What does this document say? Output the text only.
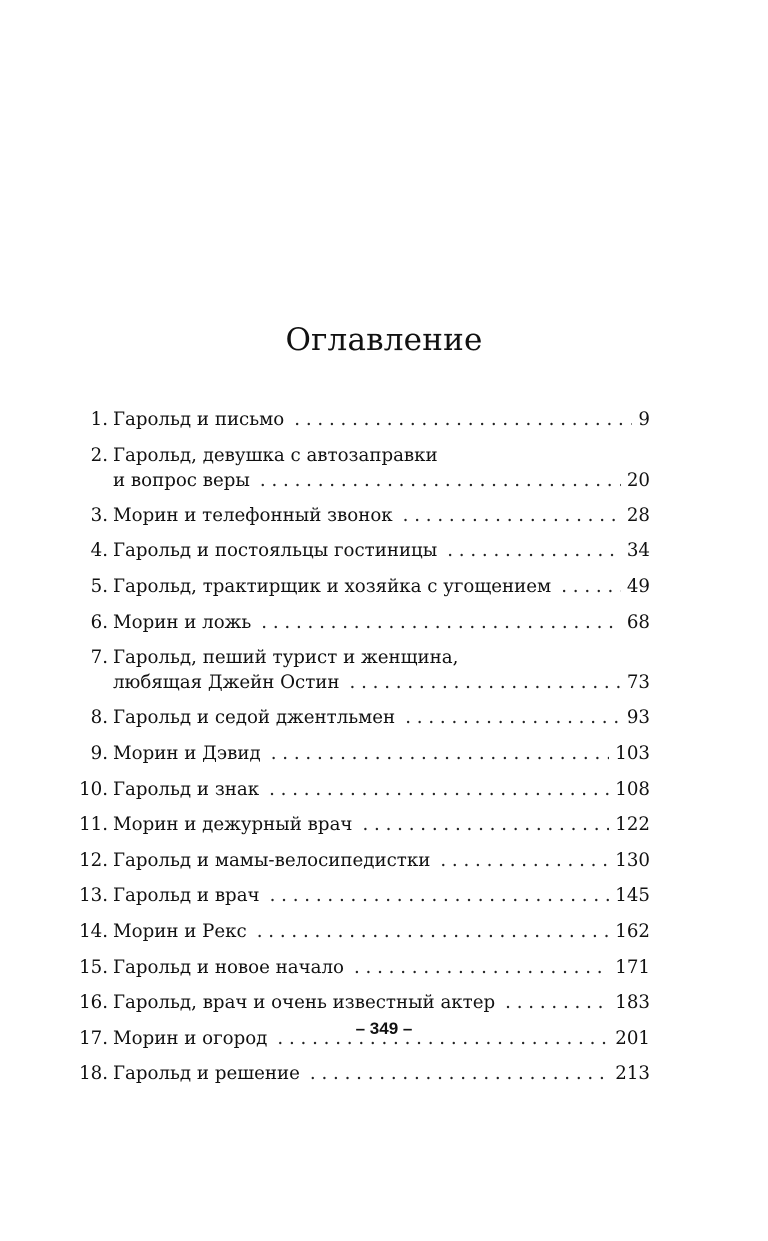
Оглавление
1. Гарольд и письмо . . .	9
2. Гарольд, девушка с автозаправки
и вопрос веры . . .	20
3. Морин и телефонный звонок . . .	28
4. Гарольд и постояльцы гостиницы . . .	34
5. Гарольд, трактирщик и хозяйка с угощением . . .	49
6. Морин и ложь . . .	68
7. Гарольд, пеший турист и женщина,
любящая Джейн Остин . . .	73
8. Гарольд и седой джентльмен . . .	93
9. Морин и Дэвид . . .	103
10. Гарольд и знак . . .	108
11. Морин и дежурный врач . . .	122
12. Гарольд и мамы-велосипедистки . . .	130
13. Гарольд и врач . . .	145
14. Морин и Рекс . . .	162
15. Гарольд и новое начало . . .	171
16. Гарольд, врач и очень известный актер . . .	183
17. Морин и огород . . .	201
18. Гарольд и решение . . .	213
– 349 –
